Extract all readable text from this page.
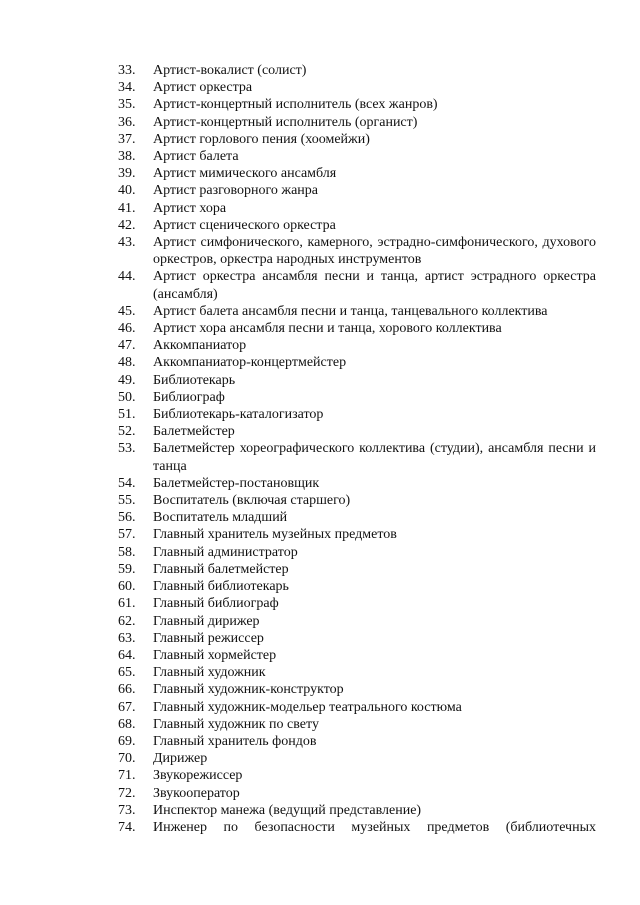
33.	Артист-вокалист (солист)
34.	Артист оркестра
35.	Артист-концертный исполнитель (всех жанров)
36.	Артист-концертный исполнитель (органист)
37.	Артист горлового пения (хоомейжи)
38.	Артист балета
39.	Артист мимического ансамбля
40.	Артист разговорного жанра
41.	Артист хора
42.	Артист сценического оркестра
43.	Артист симфонического, камерного, эстрадно-симфонического, духового оркестров, оркестра народных инструментов
44.	Артист оркестра ансамбля песни и танца, артист эстрадного оркестра (ансамбля)
45.	Артист балета ансамбля песни и танца, танцевального коллектива
46.	Артист хора ансамбля песни и танца, хорового коллектива
47.	Аккомпаниатор
48.	Аккомпаниатор-концертмейстер
49.	Библиотекарь
50.	Библиограф
51.	Библиотекарь-каталогизатор
52.	Балетмейстер
53.	Балетмейстер хореографического коллектива (студии), ансамбля песни и танца
54.	Балетмейстер-постановщик
55.	Воспитатель (включая старшего)
56.	Воспитатель младший
57.	Главный хранитель музейных предметов
58.	Главный администратор
59.	Главный балетмейстер
60.	Главный библиотекарь
61.	Главный библиограф
62.	Главный дирижер
63.	Главный режиссер
64.	Главный хормейстер
65.	Главный художник
66.	Главный художник-конструктор
67.	Главный художник-модельер театрального костюма
68.	Главный художник по свету
69.	Главный хранитель фондов
70.	Дирижер
71.	Звукорежиссер
72.	Звукооператор
73.	Инспектор манежа (ведущий представление)
74.	Инженер по безопасности музейных предметов (библиотечных
